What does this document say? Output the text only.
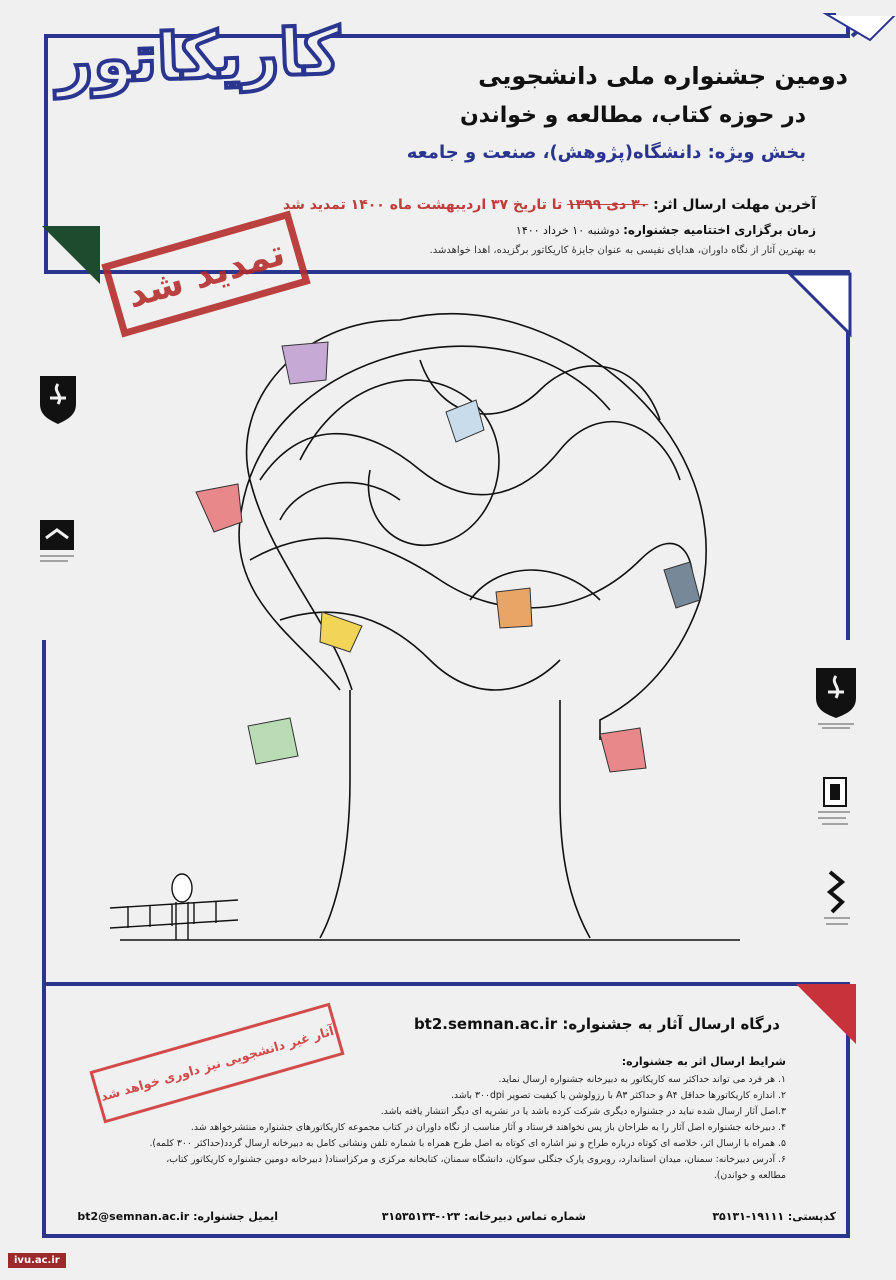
کاریکاتور	دومین جشنواره ملی دانشجویی
در حوزه کتاب، مطالعه و خواندن
بخش ویژه: دانشگاه(پژوهش)، صنعت و جامعه
آخرین مهلت ارسال اثر: ۳۰ دی ۱۳۹۹ تا تاریخ ۳۷ اردیبهشت ماه ۱۴۰۰ تمدید شد
زمان برگزاری اختتامیه جشنواره: دوشنبه ۱۰ خرداد ۱۴۰۰
به بهترین آثار از نگاه داوران، هدایای نفیسی به عنوان جایزهٔ کاریکاتور برگزیده، اهدا خواهدشد.
تمدید شد
درگاه ارسال آثار به جشنواره: bt2.semnan.ac.ir
آثار غیر دانشجویی نیز داوری خواهد شد	شرایط ارسال اثر به جشنواره:
۱. هر فرد می تواند حداکثر سه کاریکاتور به دبیرخانه جشنواره ارسال نماید.
۲. اندازه کاریکاتورها حداقل A۴ و حداکثر A۳ با رزولوشن یا کیفیت تصویر ۳۰۰dpi باشد.
۳.اصل آثار ارسال شده نباید در جشنواره دیگری شرکت کرده باشد یا در نشریه ای دیگر انتشار یافته باشد.
۴. دبیرخانه جشنواره اصل آثار را به طراحان باز پس نخواهند فرستاد و آثار مناسب از نگاه داوران در کتاب مجموعه کاریکاتورهای جشنواره منتشرخواهد شد.
۵. همراه با ارسال اثر، خلاصه ای کوتاه درباره طراح و نیز اشاره ای کوتاه به اصل طرح همراه با شماره تلفن ونشانی کامل به دبیرخانه ارسال گردد(حداکثر ۳۰۰ کلمه).
۶. آدرس دبیرخانه: سمنان، میدان استاندارد، روبروی پارک جنگلی سوکان، دانشگاه سمنان، کتابخانه مرکزی و مرکزاسناد( دبیرخانه دومین جشنواره کاریکاتور کتاب،
مطالعه و خواندن).
کدپستی: ۱۹۱۱۱-۳۵۱۳۱
شماره تماس دبیرخانه: ۰۲۳-۳۱۵۳۵۱۳۴
ایمیل جشنواره: bt2@semnan.ac.ir
ivu.ac.ir
